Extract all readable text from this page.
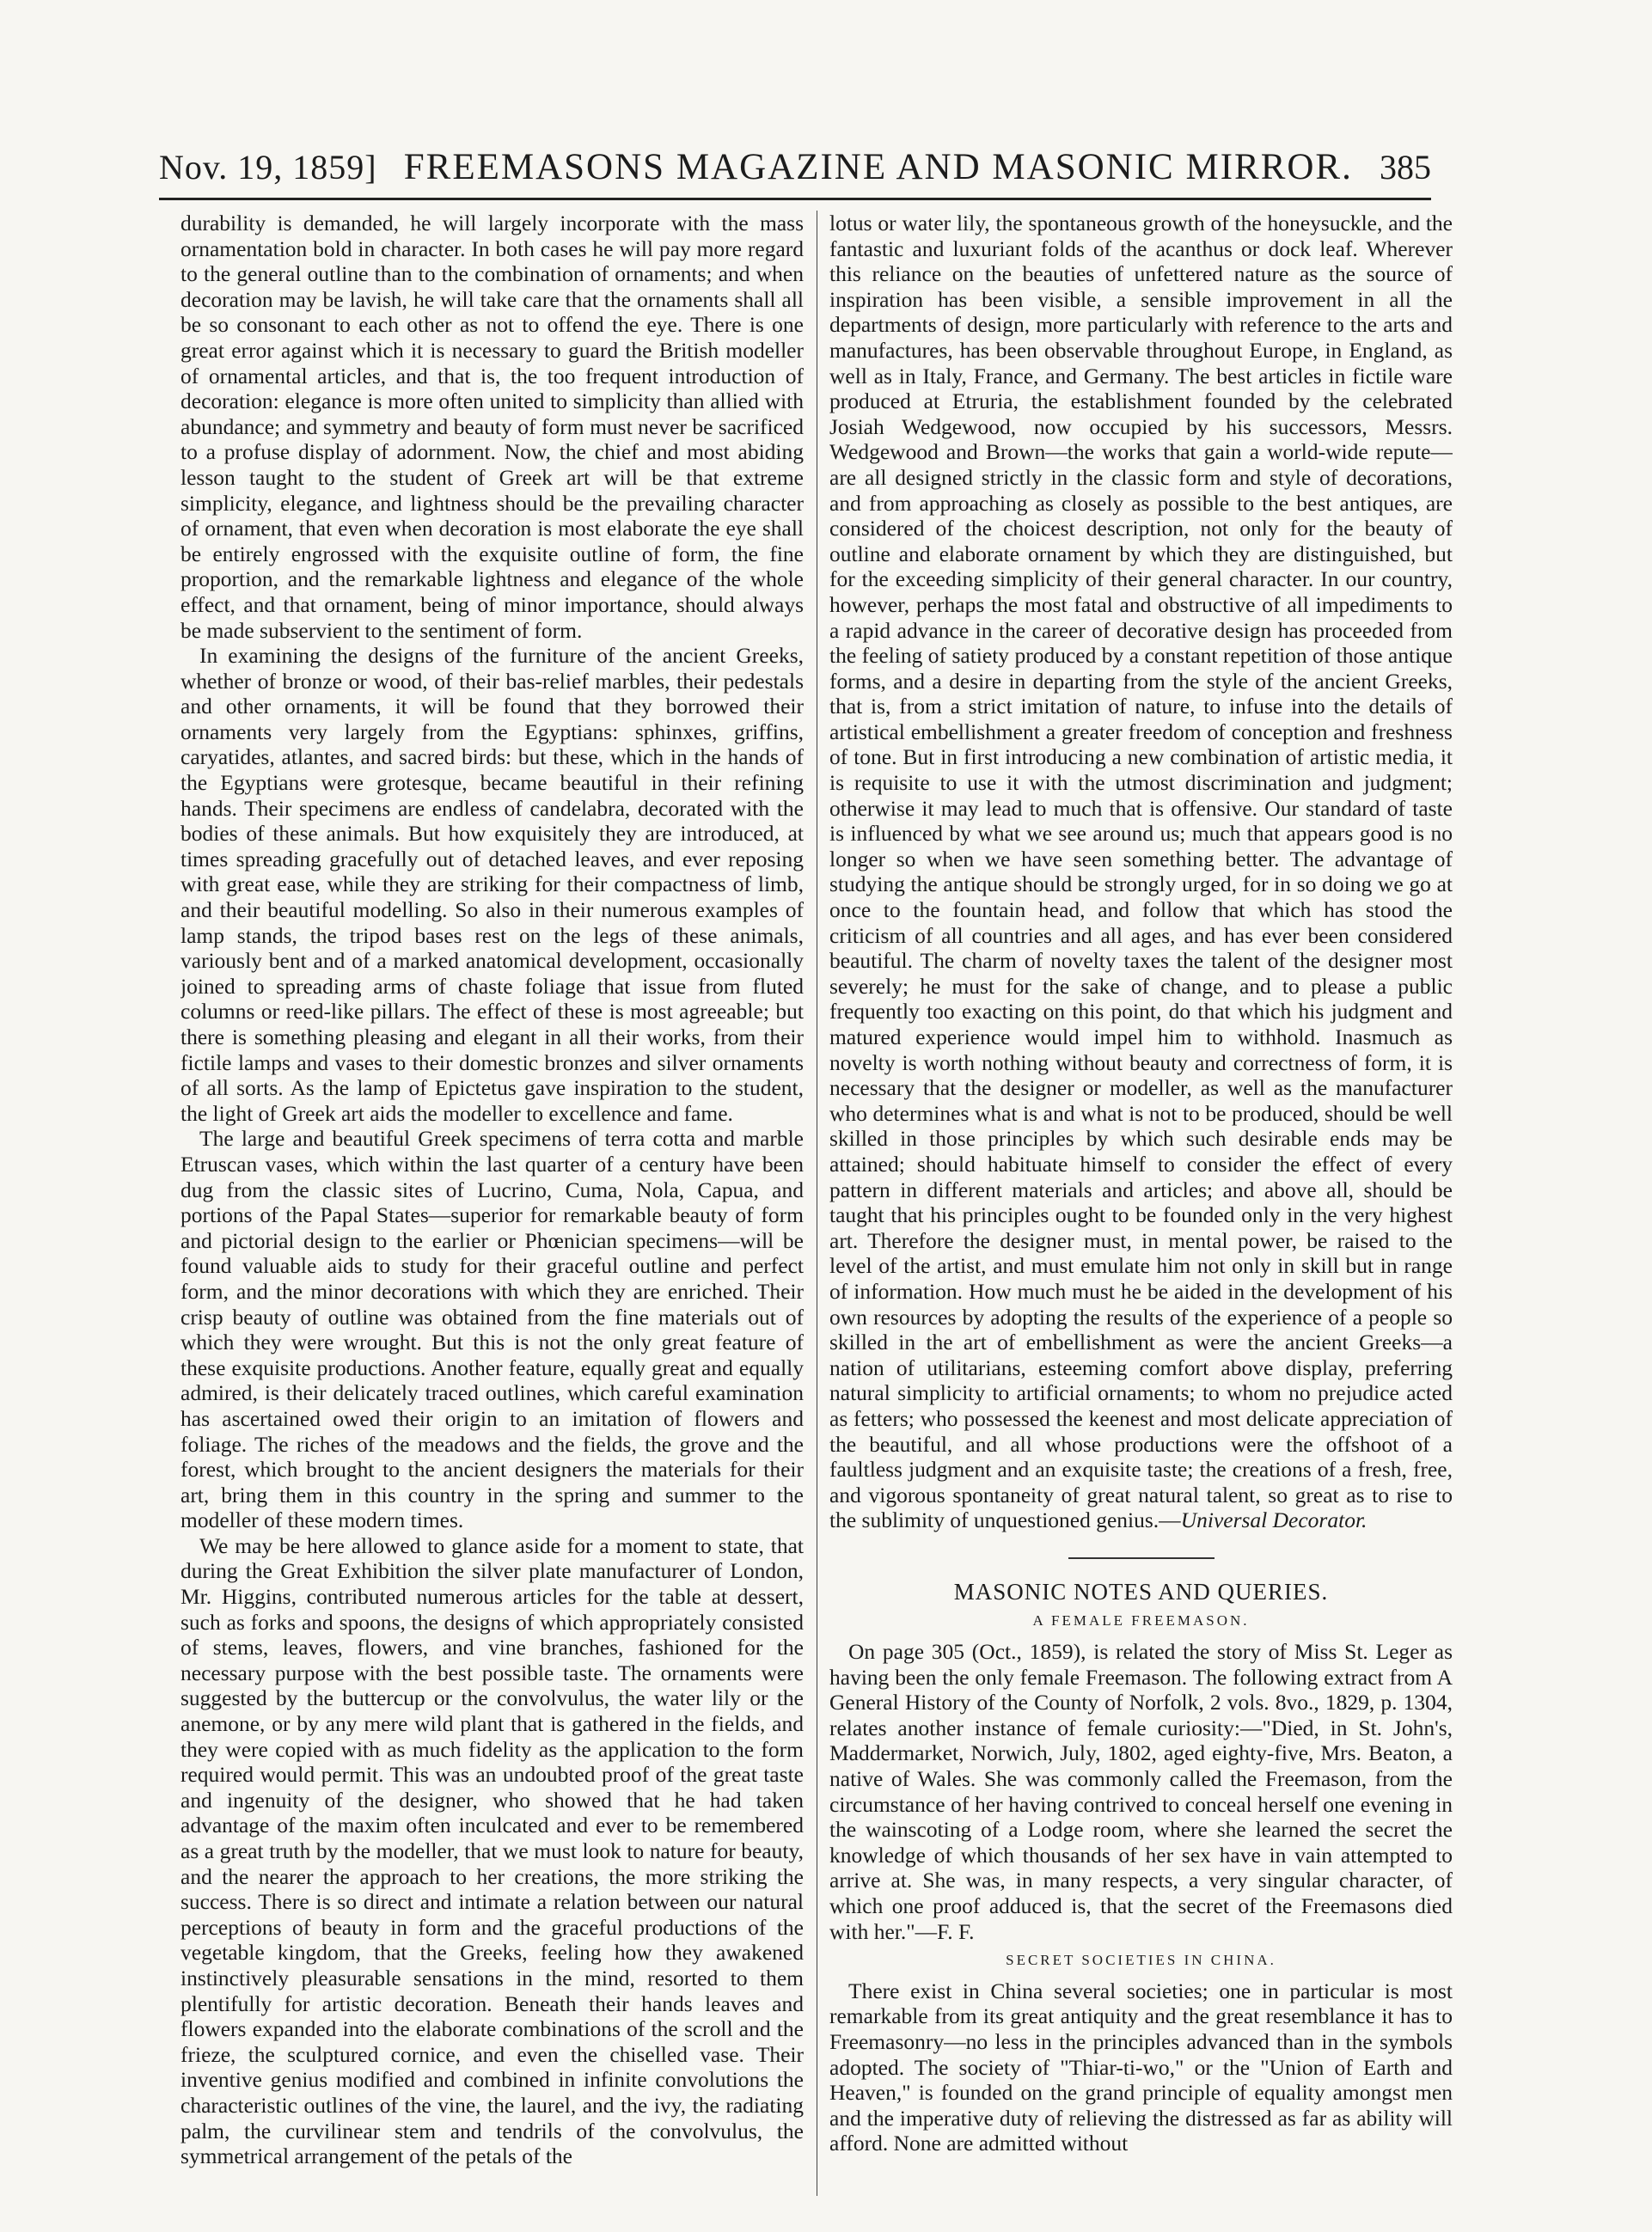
Nov. 19, 1859] FREEMASONS MAGAZINE AND MASONIC MIRROR. 385

durability is demanded, he will largely incorporate with the mass ornamentation bold in character. In both cases he will pay more regard to the general outline than to the combination of ornaments; and when decoration may be lavish, he will take care that the ornaments shall all be so consonant to each other as not to offend the eye. There is one great error against which it is necessary to guard the British modeller of ornamental articles, and that is, the too frequent introduction of decoration: elegance is more often united to simplicity than allied with abundance; and symmetry and beauty of form must never be sacrificed to a profuse display of adornment. Now, the chief and most abiding lesson taught to the student of Greek art will be that extreme simplicity, elegance, and lightness should be the prevailing character of ornament, that even when decoration is most elaborate the eye shall be entirely engrossed with the exquisite outline of form, the fine proportion, and the remarkable lightness and elegance of the whole effect, and that ornament, being of minor importance, should always be made subservient to the sentiment of form.

In examining the designs of the furniture of the ancient Greeks, whether of bronze or wood, of their bas-relief marbles, their pedestals and other ornaments, it will be found that they borrowed their ornaments very largely from the Egyptians: sphinxes, griffins, caryatides, atlantes, and sacred birds: but these, which in the hands of the Egyptians were grotesque, became beautiful in their refining hands. Their specimens are endless of candelabra, decorated with the bodies of these animals. But how exquisitely they are introduced, at times spreading gracefully out of detached leaves, and ever reposing with great ease, while they are striking for their compactness of limb, and their beautiful modelling. So also in their numerous examples of lamp stands, the tripod bases rest on the legs of these animals, variously bent and of a marked anatomical development, occasionally joined to spreading arms of chaste foliage that issue from fluted columns or reed-like pillars. The effect of these is most agreeable; but there is something pleasing and elegant in all their works, from their fictile lamps and vases to their domestic bronzes and silver ornaments of all sorts. As the lamp of Epictetus gave inspiration to the student, the light of Greek art aids the modeller to excellence and fame.

The large and beautiful Greek specimens of terra cotta and marble Etruscan vases, which within the last quarter of a century have been dug from the classic sites of Lucrino, Cuma, Nola, Capua, and portions of the Papal States—superior for remarkable beauty of form and pictorial design to the earlier or Phœnician specimens—will be found valuable aids to study for their graceful outline and perfect form, and the minor decorations with which they are enriched. Their crisp beauty of outline was obtained from the fine materials out of which they were wrought. But this is not the only great feature of these exquisite productions. Another feature, equally great and equally admired, is their delicately traced outlines, which careful examination has ascertained owed their origin to an imitation of flowers and foliage. The riches of the meadows and the fields, the grove and the forest, which brought to the ancient designers the materials for their art, bring them in this country in the spring and summer to the modeller of these modern times.

We may be here allowed to glance aside for a moment to state, that during the Great Exhibition the silver plate manufacturer of London, Mr. Higgins, contributed numerous articles for the table at dessert, such as forks and spoons, the designs of which appropriately consisted of stems, leaves, flowers, and vine branches, fashioned for the necessary purpose with the best possible taste. The ornaments were suggested by the buttercup or the convolvulus, the water lily or the anemone, or by any mere wild plant that is gathered in the fields, and they were copied with as much fidelity as the application to the form required would permit. This was an undoubted proof of the great taste and ingenuity of the designer, who showed that he had taken advantage of the maxim often inculcated and ever to be remembered as a great truth by the modeller, that we must look to nature for beauty, and the nearer the approach to her creations, the more striking the success. There is so direct and intimate a relation between our natural perceptions of beauty in form and the graceful productions of the vegetable kingdom, that the Greeks, feeling how they awakened instinctively pleasurable sensations in the mind, resorted to them plentifully for artistic decoration. Beneath their hands leaves and flowers expanded into the elaborate combinations of the scroll and the frieze, the sculptured cornice, and even the chiselled vase. Their inventive genius modified and combined in infinite convolutions the characteristic outlines of the vine, the laurel, and the ivy, the radiating palm, the curvilinear stem and tendrils of the convolvulus, the symmetrical arrangement of the petals of the

lotus or water lily, the spontaneous growth of the honeysuckle, and the fantastic and luxuriant folds of the acanthus or dock leaf. Wherever this reliance on the beauties of unfettered nature as the source of inspiration has been visible, a sensible improvement in all the departments of design, more particularly with reference to the arts and manufactures, has been observable throughout Europe, in England, as well as in Italy, France, and Germany. The best articles in fictile ware produced at Etruria, the establishment founded by the celebrated Josiah Wedgewood, now occupied by his successors, Messrs. Wedgewood and Brown—the works that gain a world-wide repute—are all designed strictly in the classic form and style of decorations, and from approaching as closely as possible to the best antiques, are considered of the choicest description, not only for the beauty of outline and elaborate ornament by which they are distinguished, but for the exceeding simplicity of their general character. In our country, however, perhaps the most fatal and obstructive of all impediments to a rapid advance in the career of decorative design has proceeded from the feeling of satiety produced by a constant repetition of those antique forms, and a desire in departing from the style of the ancient Greeks, that is, from a strict imitation of nature, to infuse into the details of artistical embellishment a greater freedom of conception and freshness of tone. But in first introducing a new combination of artistic media, it is requisite to use it with the utmost discrimination and judgment; otherwise it may lead to much that is offensive. Our standard of taste is influenced by what we see around us; much that appears good is no longer so when we have seen something better. The advantage of studying the antique should be strongly urged, for in so doing we go at once to the fountain head, and follow that which has stood the criticism of all countries and all ages, and has ever been considered beautiful. The charm of novelty taxes the talent of the designer most severely; he must for the sake of change, and to please a public frequently too exacting on this point, do that which his judgment and matured experience would impel him to withhold. Inasmuch as novelty is worth nothing without beauty and correctness of form, it is necessary that the designer or modeller, as well as the manufacturer who determines what is and what is not to be produced, should be well skilled in those principles by which such desirable ends may be attained; should habituate himself to consider the effect of every pattern in different materials and articles; and above all, should be taught that his principles ought to be founded only in the very highest art. Therefore the designer must, in mental power, be raised to the level of the artist, and must emulate him not only in skill but in range of information. How much must he be aided in the development of his own resources by adopting the results of the experience of a people so skilled in the art of embellishment as were the ancient Greeks—a nation of utilitarians, esteeming comfort above display, preferring natural simplicity to artificial ornaments; to whom no prejudice acted as fetters; who possessed the keenest and most delicate appreciation of the beautiful, and all whose productions were the offshoot of a faultless judgment and an exquisite taste; the creations of a fresh, free, and vigorous spontaneity of great natural talent, so great as to rise to the sublimity of unquestioned genius.—Universal Decorator.

MASONIC NOTES AND QUERIES.
A FEMALE FREEMASON.

On page 305 (Oct., 1859), is related the story of Miss St. Leger as having been the only female Freemason. The following extract from A General History of the County of Norfolk, 2 vols. 8vo., 1829, p. 1304, relates another instance of female curiosity:—"Died, in St. John's, Maddermarket, Norwich, July, 1802, aged eighty-five, Mrs. Beaton, a native of Wales. She was commonly called the Freemason, from the circumstance of her having contrived to conceal herself one evening in the wainscoting of a Lodge room, where she learned the secret the knowledge of which thousands of her sex have in vain attempted to arrive at. She was, in many respects, a very singular character, of which one proof adduced is, that the secret of the Freemasons died with her."—F. F.

SECRET SOCIETIES IN CHINA.

There exist in China several societies; one in particular is most remarkable from its great antiquity and the great resemblance it has to Freemasonry—no less in the principles advanced than in the symbols adopted. The society of "Thiar-ti-wo," or the "Union of Earth and Heaven," is founded on the grand principle of equality amongst men and the imperative duty of relieving the distressed as far as ability will afford. None are admitted without
